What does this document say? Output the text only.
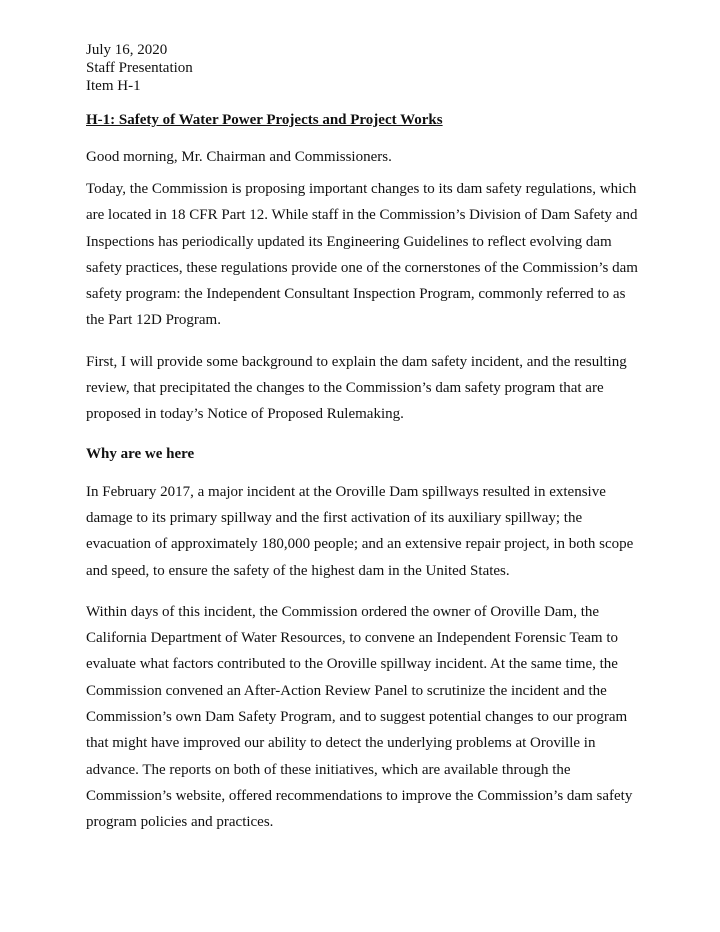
July 16, 2020
Staff Presentation
Item H-1
H-1: Safety of Water Power Projects and Project Works

Good morning, Mr. Chairman and Commissioners.

Today, the Commission is proposing important changes to its dam safety regulations, which are located in 18 CFR Part 12. While staff in the Commission’s Division of Dam Safety and Inspections has periodically updated its Engineering Guidelines to reflect evolving dam safety practices, these regulations provide one of the cornerstones of the Commission’s dam safety program: the Independent Consultant Inspection Program, commonly referred to as the Part 12D Program.

First, I will provide some background to explain the dam safety incident, and the resulting review, that precipitated the changes to the Commission’s dam safety program that are proposed in today’s Notice of Proposed Rulemaking.

Why are we here

In February 2017, a major incident at the Oroville Dam spillways resulted in extensive damage to its primary spillway and the first activation of its auxiliary spillway; the evacuation of approximately 180,000 people; and an extensive repair project, in both scope and speed, to ensure the safety of the highest dam in the United States.

Within days of this incident, the Commission ordered the owner of Oroville Dam, the California Department of Water Resources, to convene an Independent Forensic Team to evaluate what factors contributed to the Oroville spillway incident. At the same time, the Commission convened an After-Action Review Panel to scrutinize the incident and the Commission’s own Dam Safety Program, and to suggest potential changes to our program that might have improved our ability to detect the underlying problems at Oroville in advance. The reports on both of these initiatives, which are available through the Commission’s website, offered recommendations to improve the Commission’s dam safety program policies and practices.
